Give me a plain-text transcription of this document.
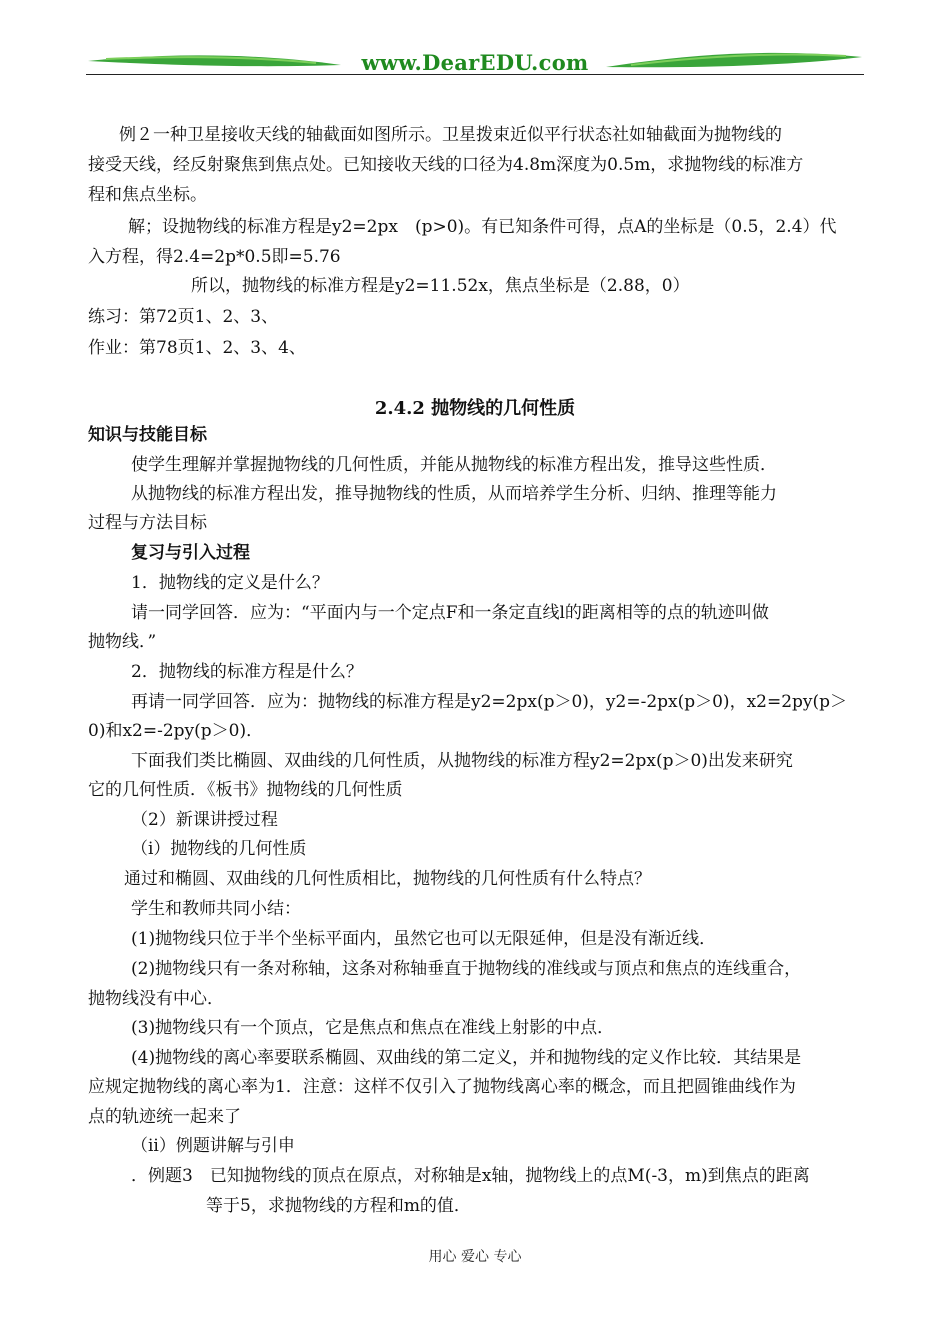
www.DearEDU.com
例２一种卫星接收天线的轴截面如图所示。卫星拨束近似平行状态社如轴截面为抛物线的
接受天线，经反射聚焦到焦点处。已知接收天线的口径为4.8m深度为0.5m，求抛物线的标准方
程和焦点坐标。
解；设抛物线的标准方程是y2=2px　(p>0)。有已知条件可得，点A的坐标是（0.5，2.4）代
入方程，得2.4=2p*0.5即=5.76
所以，抛物线的标准方程是y2=11.52x，焦点坐标是（2.88，0）
练习：第72页1、2、3、
作业：第78页1、2、3、4、
2.4.2 抛物线的几何性质
知识与技能目标
使学生理解并掌握抛物线的几何性质，并能从抛物线的标准方程出发，推导这些性质．
从抛物线的标准方程出发，推导抛物线的性质，从而培养学生分析、归纳、推理等能力
过程与方法目标
复习与引入过程
1．抛物线的定义是什么？
请一同学回答．应为：“平面内与一个定点F和一条定直线l的距离相等的点的轨迹叫做
抛物线．”
2．抛物线的标准方程是什么？
再请一同学回答．应为：抛物线的标准方程是y2=2px(p＞0)，y2=-2px(p＞0)，x2=2py(p＞
0)和x2=-2py(p＞0)．
下面我们类比椭圆、双曲线的几何性质，从抛物线的标准方程y2=2px(p＞0)出发来研究
它的几何性质．《板书》抛物线的几何性质
（2）新课讲授过程
（i）抛物线的几何性质
通过和椭圆、双曲线的几何性质相比，抛物线的几何性质有什么特点？
学生和教师共同小结：
(1)抛物线只位于半个坐标平面内，虽然它也可以无限延伸，但是没有渐近线．
(2)抛物线只有一条对称轴，这条对称轴垂直于抛物线的准线或与顶点和焦点的连线重合，
抛物线没有中心．
(3)抛物线只有一个顶点，它是焦点和焦点在准线上射影的中点．
(4)抛物线的离心率要联系椭圆、双曲线的第二定义，并和抛物线的定义作比较．其结果是
应规定抛物线的离心率为1．注意：这样不仅引入了抛物线离心率的概念，而且把圆锥曲线作为
点的轨迹统一起来了
（ii）例题讲解与引申
．例题3　已知抛物线的顶点在原点，对称轴是x轴，抛物线上的点M(-3，m)到焦点的距离
等于5，求抛物线的方程和m的值．
用心 爱心 专心
